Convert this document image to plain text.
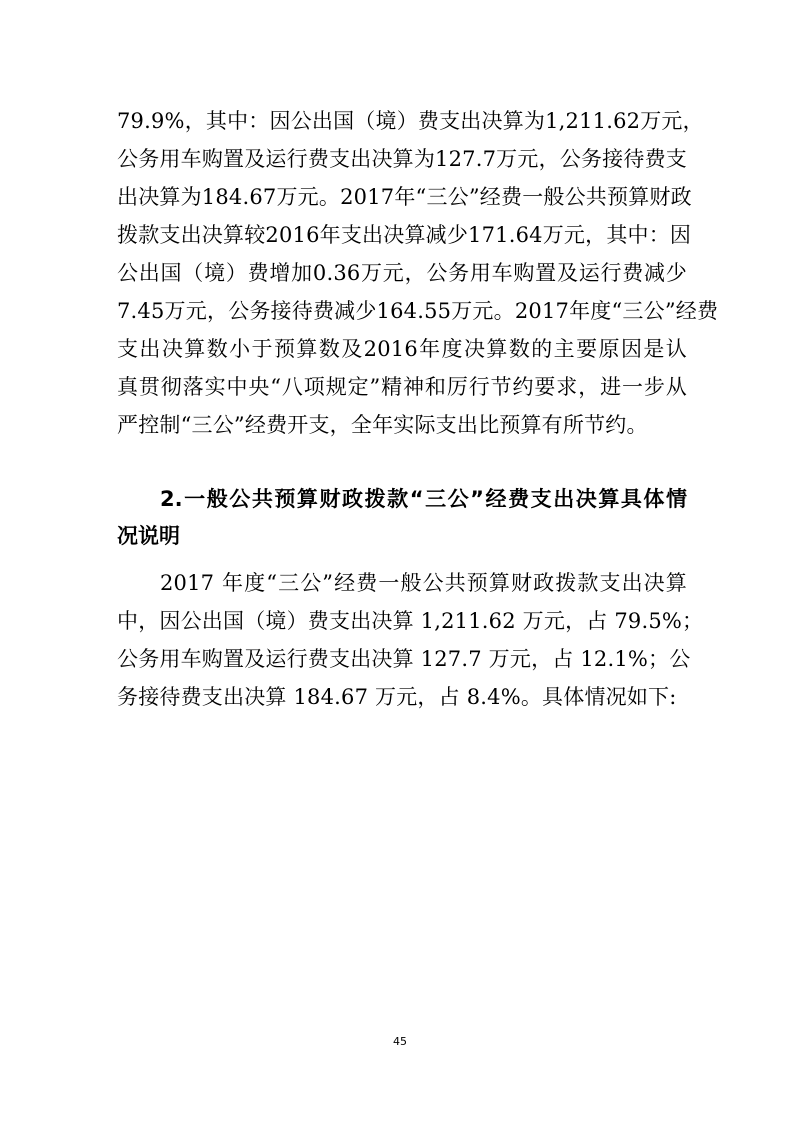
79.9%，其中：因公出国（境）费支出决算为1,211.62万元，
公务用车购置及运行费支出决算为127.7万元，公务接待费支
出决算为184.67万元。2017年“三公”经费一般公共预算财政
拨款支出决算较2016年支出决算减少171.64万元，其中：因
公出国（境）费增加0.36万元，公务用车购置及运行费减少
7.45万元，公务接待费减少164.55万元。2017年度“三公”经费
支出决算数小于预算数及2016年度决算数的主要原因是认
真贯彻落实中央“八项规定”精神和厉行节约要求，进一步从
严控制“三公”经费开支，全年实际支出比预算有所节约。
2.一般公共预算财政拨款“三公”经费支出决算具体情
况说明
2017 年度“三公”经费一般公共预算财政拨款支出决算
中，因公出国（境）费支出决算 1,211.62 万元，占 79.5%；
公务用车购置及运行费支出决算 127.7 万元，占 12.1%；公
务接待费支出决算 184.67 万元，占 8.4%。具体情况如下:
45
